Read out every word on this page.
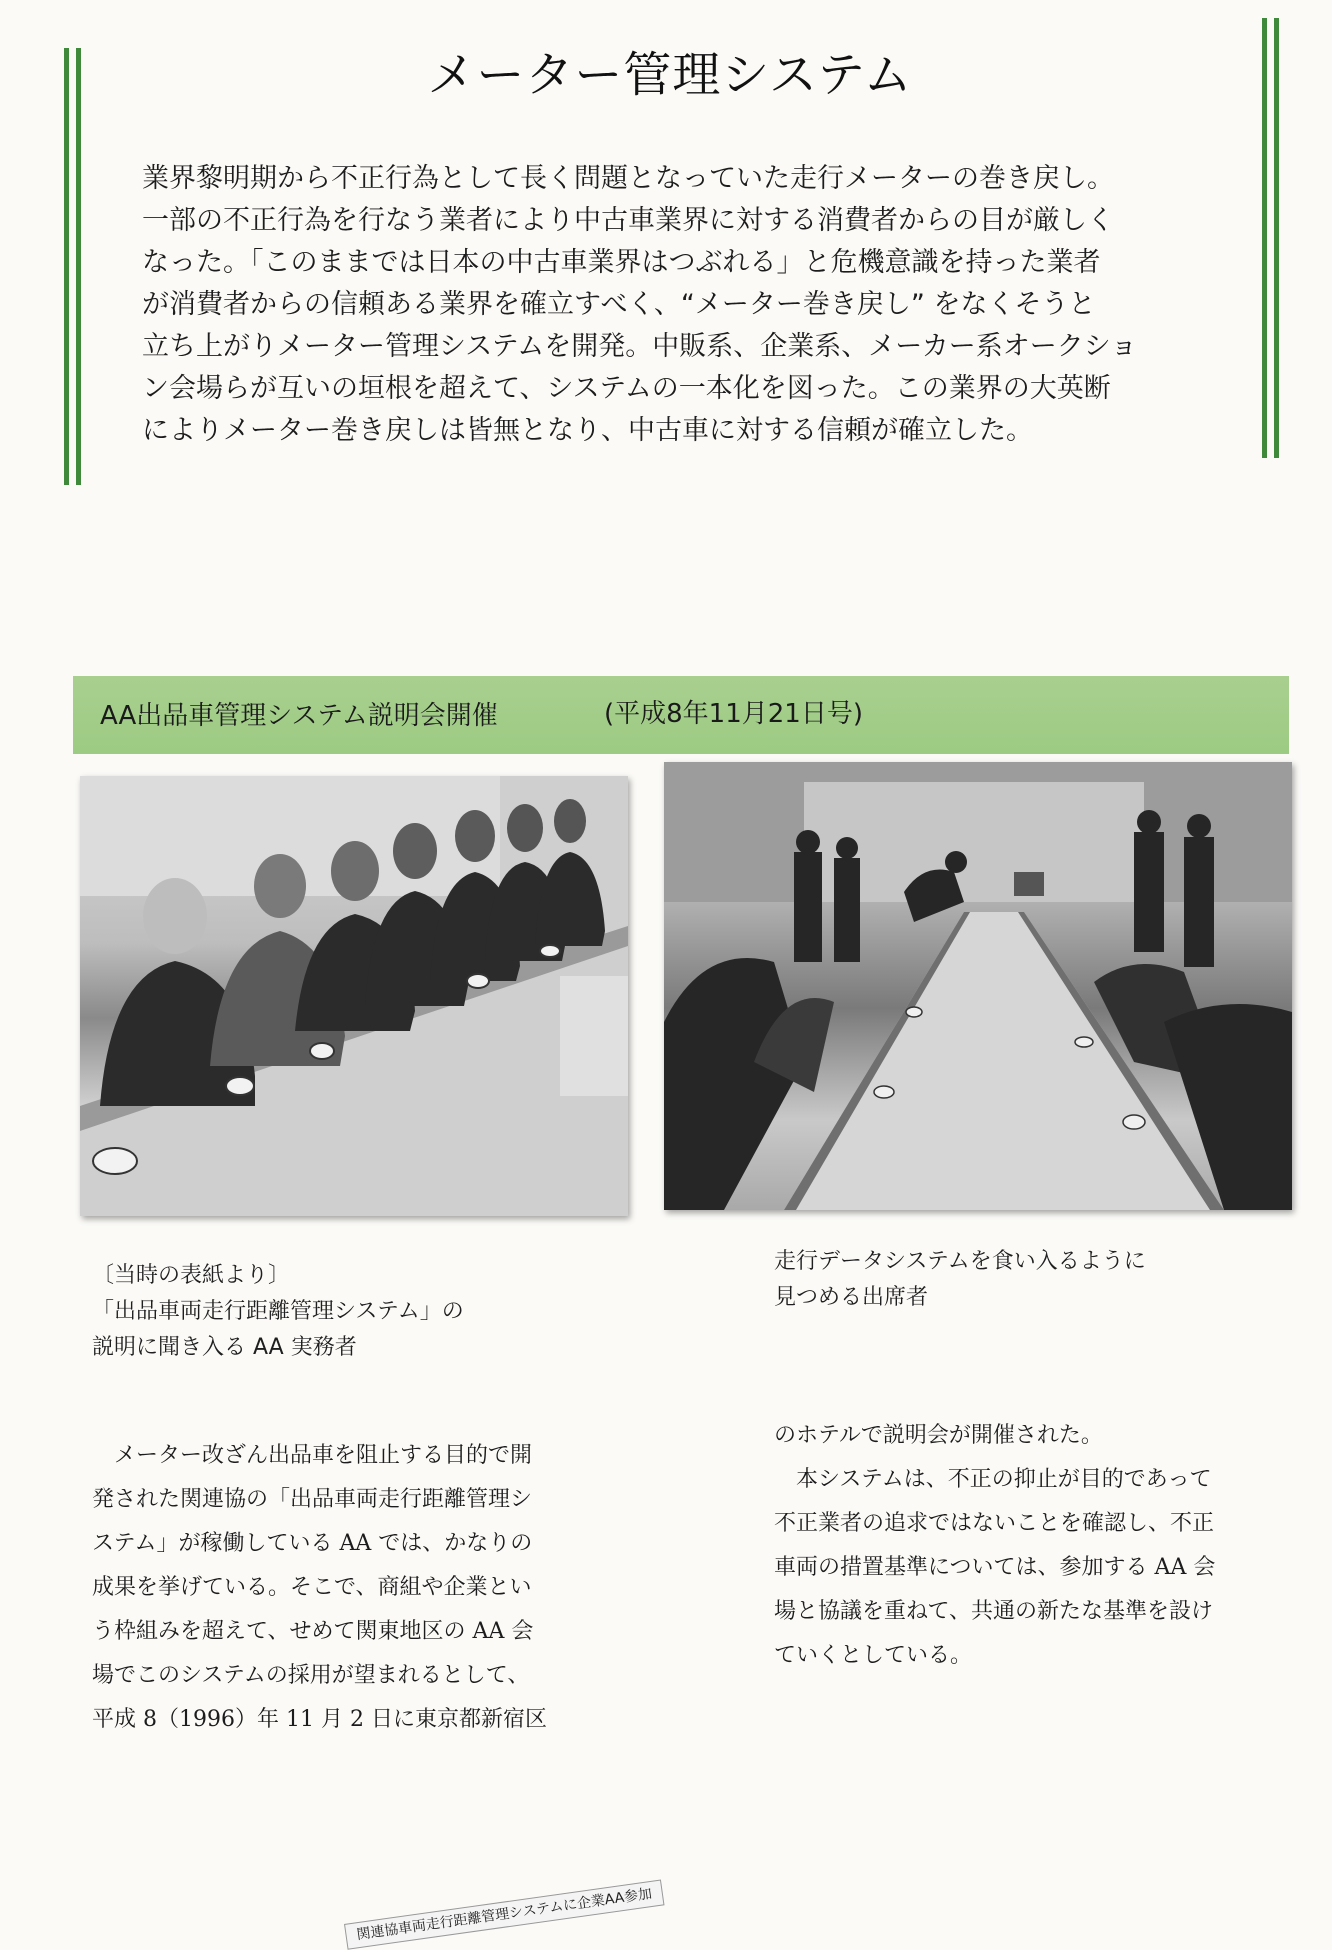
メーター管理システム

業界黎明期から不正行為として長く問題となっていた走行メーターの巻き戻し。

一部の不正行為を行なう業者により中古車業界に対する消費者からの目が厳しく

なった。「このままでは日本の中古車業界はつぶれる」と危機意識を持った業者

が消費者からの信頼ある業界を確立すべく、“メーター巻き戻し” をなくそうと

立ち上がりメーター管理システムを開発。中販系、企業系、メーカー系オークショ

ン会場らが互いの垣根を超えて、システムの一本化を図った。この業界の大英断

によりメーター巻き戻しは皆無となり、中古車に対する信頼が確立した。

AA出品車管理システム説明会開催	(平成8年11月21日号)
関連協車両走行距離管理システムに企業AA参加

〔当時の表紙より〕

「出品車両走行距離管理システム」の

説明に聞き入る AA 実務者

走行データシステムを食い入るように

見つめる出席者

　メーター改ざん出品車を阻止する目的で開

発された関連協の「出品車両走行距離管理シ

ステム」が稼働している AA では、かなりの

成果を挙げている。そこで、商組や企業とい

う枠組みを超えて、せめて関東地区の AA 会

場でこのシステムの採用が望まれるとして、

平成 8（1996）年 11 月 2 日に東京都新宿区

のホテルで説明会が開催された。

　本システムは、不正の抑止が目的であって

不正業者の追求ではないことを確認し、不正

車両の措置基準については、参加する AA 会

場と協議を重ねて、共通の新たな基準を設け

ていくとしている。
